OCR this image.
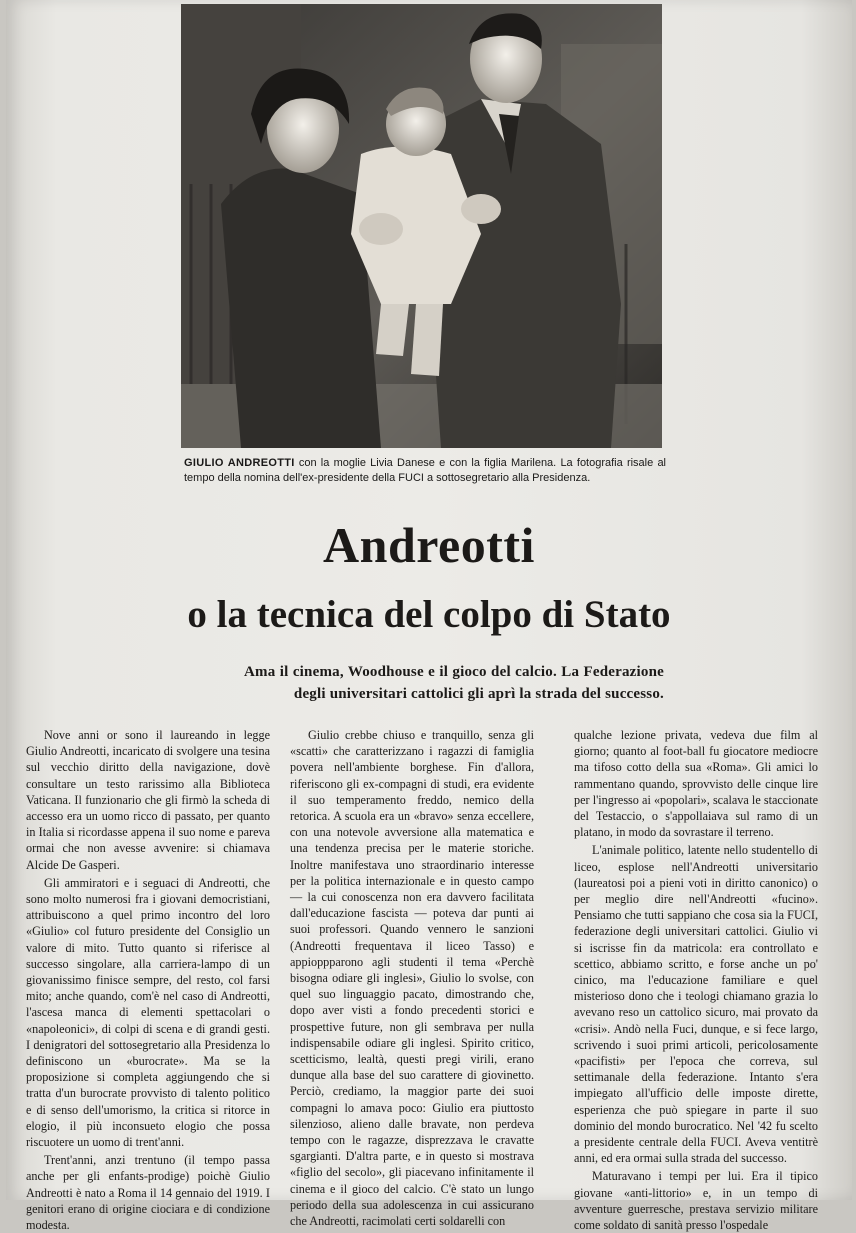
GIULIO ANDREOTTI con la moglie Livia Danese e con la figlia Marilena. La fotografia risale al tempo della nomina dell'ex-presidente della FUCI a sottosegretario alla Presidenza.
Andreotti
o la tecnica del colpo di Stato
Ama il cinema, Woodhouse e il gioco del calcio. La Federazione degli universitari cattolici gli aprì la strada del successo.

Nove anni or sono il laureando in legge Giulio Andreotti, incaricato di svolgere una tesina sul vecchio diritto della navigazione, dovè consultare un testo rarissimo alla Biblioteca Vaticana. Il funzionario che gli firmò la scheda di accesso era un uomo ricco di passato, per quanto in Italia si ricordasse appena il suo nome e pareva ormai che non avesse avvenire: si chiamava Alcide De Gasperi.

Gli ammiratori e i seguaci di Andreotti, che sono molto numerosi fra i giovani democristiani, attribuiscono a quel primo incontro del loro «Giulio» col futuro presidente del Consiglio un valore di mito. Tutto quanto si riferisce al successo singolare, alla carriera-lampo di un giovanissimo finisce sempre, del resto, col farsi mito; anche quando, com'è nel caso di Andreotti, l'ascesa manca di elementi spettacolari o «napoleonici», di colpi di scena e di grandi gesti. I denigratori del sottosegretario alla Presidenza lo definiscono un «burocrate». Ma se la proposizione si completa aggiungendo che si tratta d'un burocrate provvisto di talento politico e di senso dell'umorismo, la critica si ritorce in elogio, il più inconsueto elogio che possa riscuotere un uomo di trent'anni.

Trent'anni, anzi trentuno (il tempo passa anche per gli enfants-prodige) poichè Giulio Andreotti è nato a Roma il 14 gennaio del 1919. I genitori erano di origine ciociara e di condizione modesta.

Giulio crebbe chiuso e tranquillo, senza gli «scatti» che caratterizzano i ragazzi di famiglia povera nell'ambiente borghese. Fin d'allora, riferiscono gli ex-compagni di studi, era evidente il suo temperamento freddo, nemico della retorica. A scuola era un «bravo» senza eccellere, con una notevole avversione alla matematica e una tendenza precisa per le materie storiche. Inoltre manifestava uno straordinario interesse per la politica internazionale e in questo campo — la cui conoscenza non era davvero facilitata dall'educazione fascista — poteva dar punti ai suoi professori. Quando vennero le sanzioni (Andreotti frequentava il liceo Tasso) e appioppparono agli studenti il tema «Perchè bisogna odiare gli inglesi», Giulio lo svolse, con quel suo linguaggio pacato, dimostrando che, dopo aver visti a fondo precedenti storici e prospettive future, non gli sembrava per nulla indispensabile odiare gli inglesi. Spirito critico, scetticismo, lealtà, questi pregi virili, erano dunque alla base del suo carattere di giovinetto. Perciò, crediamo, la maggior parte dei suoi compagni lo amava poco: Giulio era piuttosto silenzioso, alieno dalle bravate, non perdeva tempo con le ragazze, disprezzava le cravatte sgargianti. D'altra parte, e in questo si mostrava «figlio del secolo», gli piacevano infinitamente il cinema e il gioco del calcio. C'è stato un lungo periodo della sua adolescenza in cui assicurano che Andreotti, racimolati certi soldarelli con

qualche lezione privata, vedeva due film al giorno; quanto al foot-ball fu giocatore mediocre ma tifoso cotto della sua «Roma». Gli amici lo rammentano quando, sprovvisto delle cinque lire per l'ingresso ai «popolari», scalava le staccionate del Testaccio, o s'appollaiava sul ramo di un platano, in modo da sovrastare il terreno.

L'animale politico, latente nello studentello di liceo, esplose nell'Andreotti universitario (laureatosi poi a pieni voti in diritto canonico) o per meglio dire nell'Andreotti «fucino». Pensiamo che tutti sappiano che cosa sia la FUCI, federazione degli universitari cattolici. Giulio vi si iscrisse fin da matricola: era controllato e scettico, abbiamo scritto, e forse anche un po' cinico, ma l'educazione familiare e quel misterioso dono che i teologi chiamano grazia lo avevano reso un cattolico sicuro, mai provato da «crisi». Andò nella Fuci, dunque, e si fece largo, scrivendo i suoi primi articoli, pericolosamente «pacifisti» per l'epoca che correva, sul settimanale della federazione. Intanto s'era impiegato all'ufficio delle imposte dirette, esperienza che può spiegare in parte il suo dominio del mondo burocratico. Nel '42 fu scelto a presidente centrale della FUCI. Aveva ventitrè anni, ed era ormai sulla strada del successo.

Maturavano i tempi per lui. Era il tipico giovane «anti-littorio» e, in un tempo di avventure guerresche, prestava servizio militare come soldato di sanità presso l'ospedale
